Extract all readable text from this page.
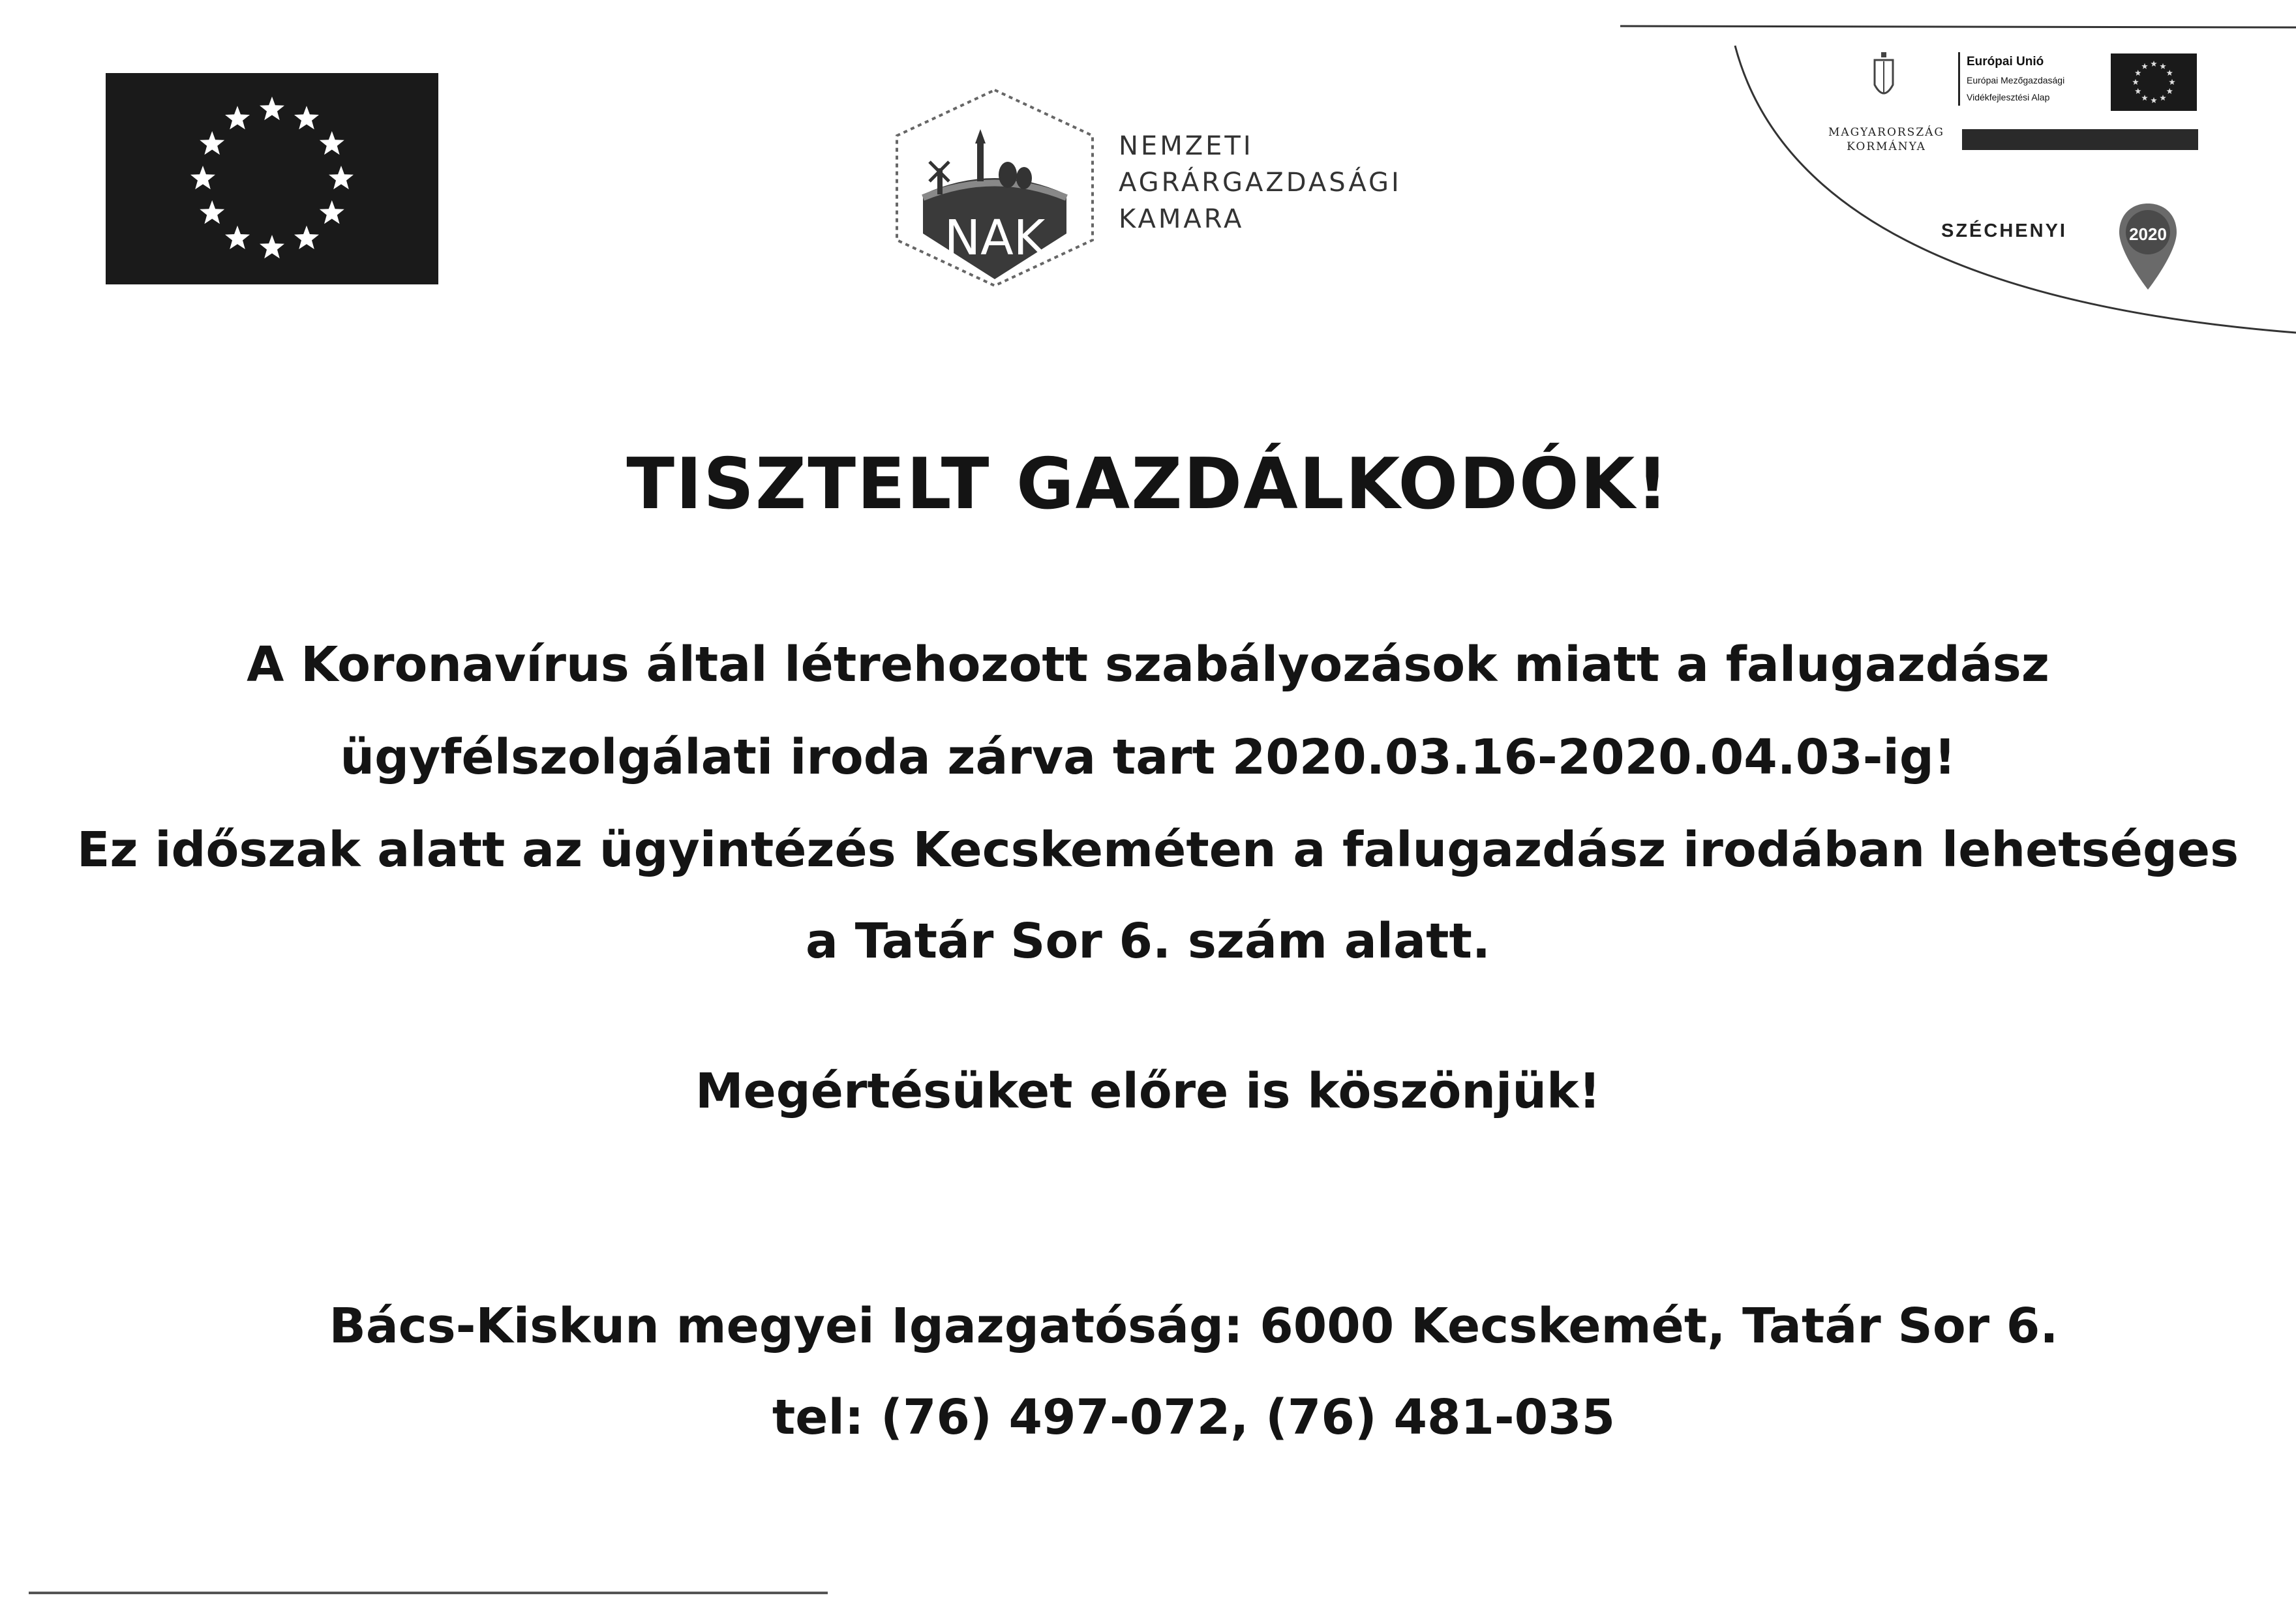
NAK
NEMZETI
AGRÁRGAZDASÁGI
KAMARA
MAGYARORSZÁG
KORMÁNYA
Európai Unió
Európai Mezőgazdasági
Vidékfejlesztési Alap
SZÉCHENYI	2020
TISZTELT GAZDÁLKODÓK!
A Koronavírus által létrehozott szabályozások miatt a falugazdász
ügyfélszolgálati iroda zárva tart 2020.03.16-2020.04.03-ig!
Ez időszak alatt az ügyintézés Kecskeméten a falugazdász irodában lehetséges
a Tatár Sor 6. szám alatt.
Megértésüket előre is köszönjük!
Bács-Kiskun megyei Igazgatóság: 6000 Kecskemét, Tatár Sor 6.
tel: (76) 497-072, (76) 481-035
